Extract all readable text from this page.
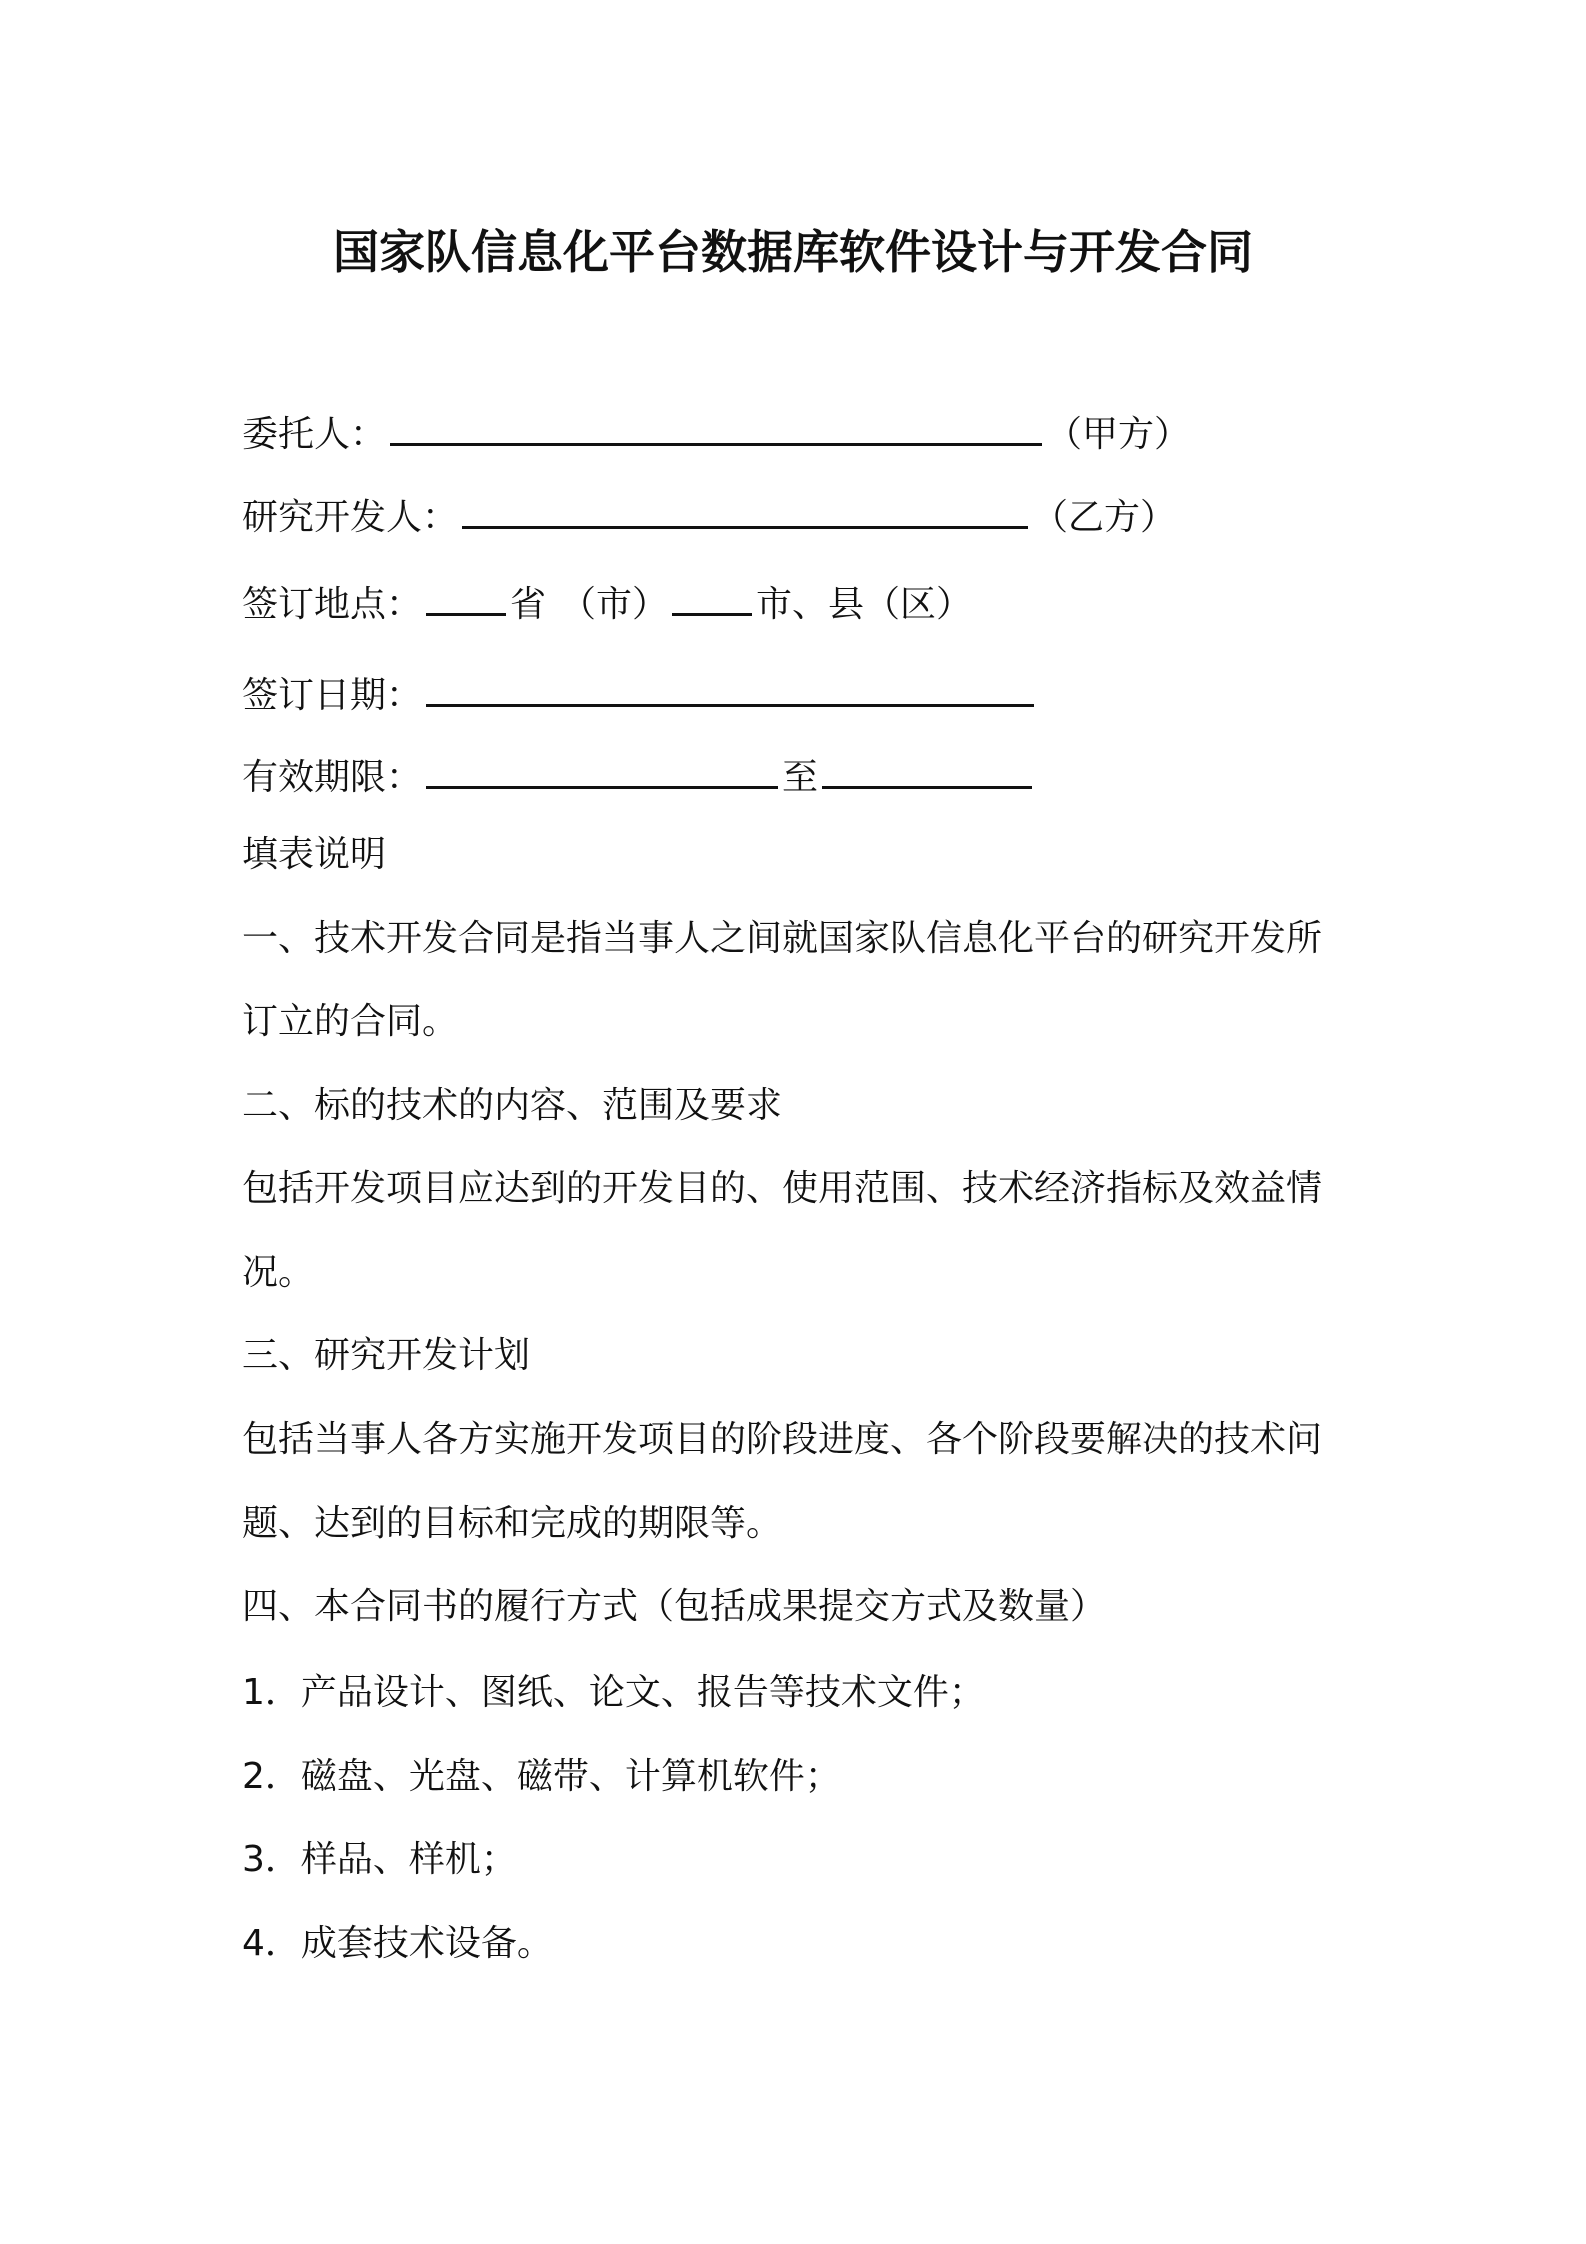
国家队信息化平台数据库软件设计与开发合同
委托人：	（甲方）
研究开发人：	（乙方）
签订地点： 省 （市） 市、县（区）
签订日期：
有效期限：	至
填表说明
一、技术开发合同是指当事人之间就国家队信息化平台的研究开发所
订立的合同。
二、标的技术的内容、范围及要求
包括开发项目应达到的开发目的、使用范围、技术经济指标及效益情
况。
三、研究开发计划
包括当事人各方实施开发项目的阶段进度、各个阶段要解决的技术问
题、达到的目标和完成的期限等。
四、本合同书的履行方式（包括成果提交方式及数量）
1．产品设计、图纸、论文、报告等技术文件；
2．磁盘、光盘、磁带、计算机软件；
3．样品、样机；
4．成套技术设备。
